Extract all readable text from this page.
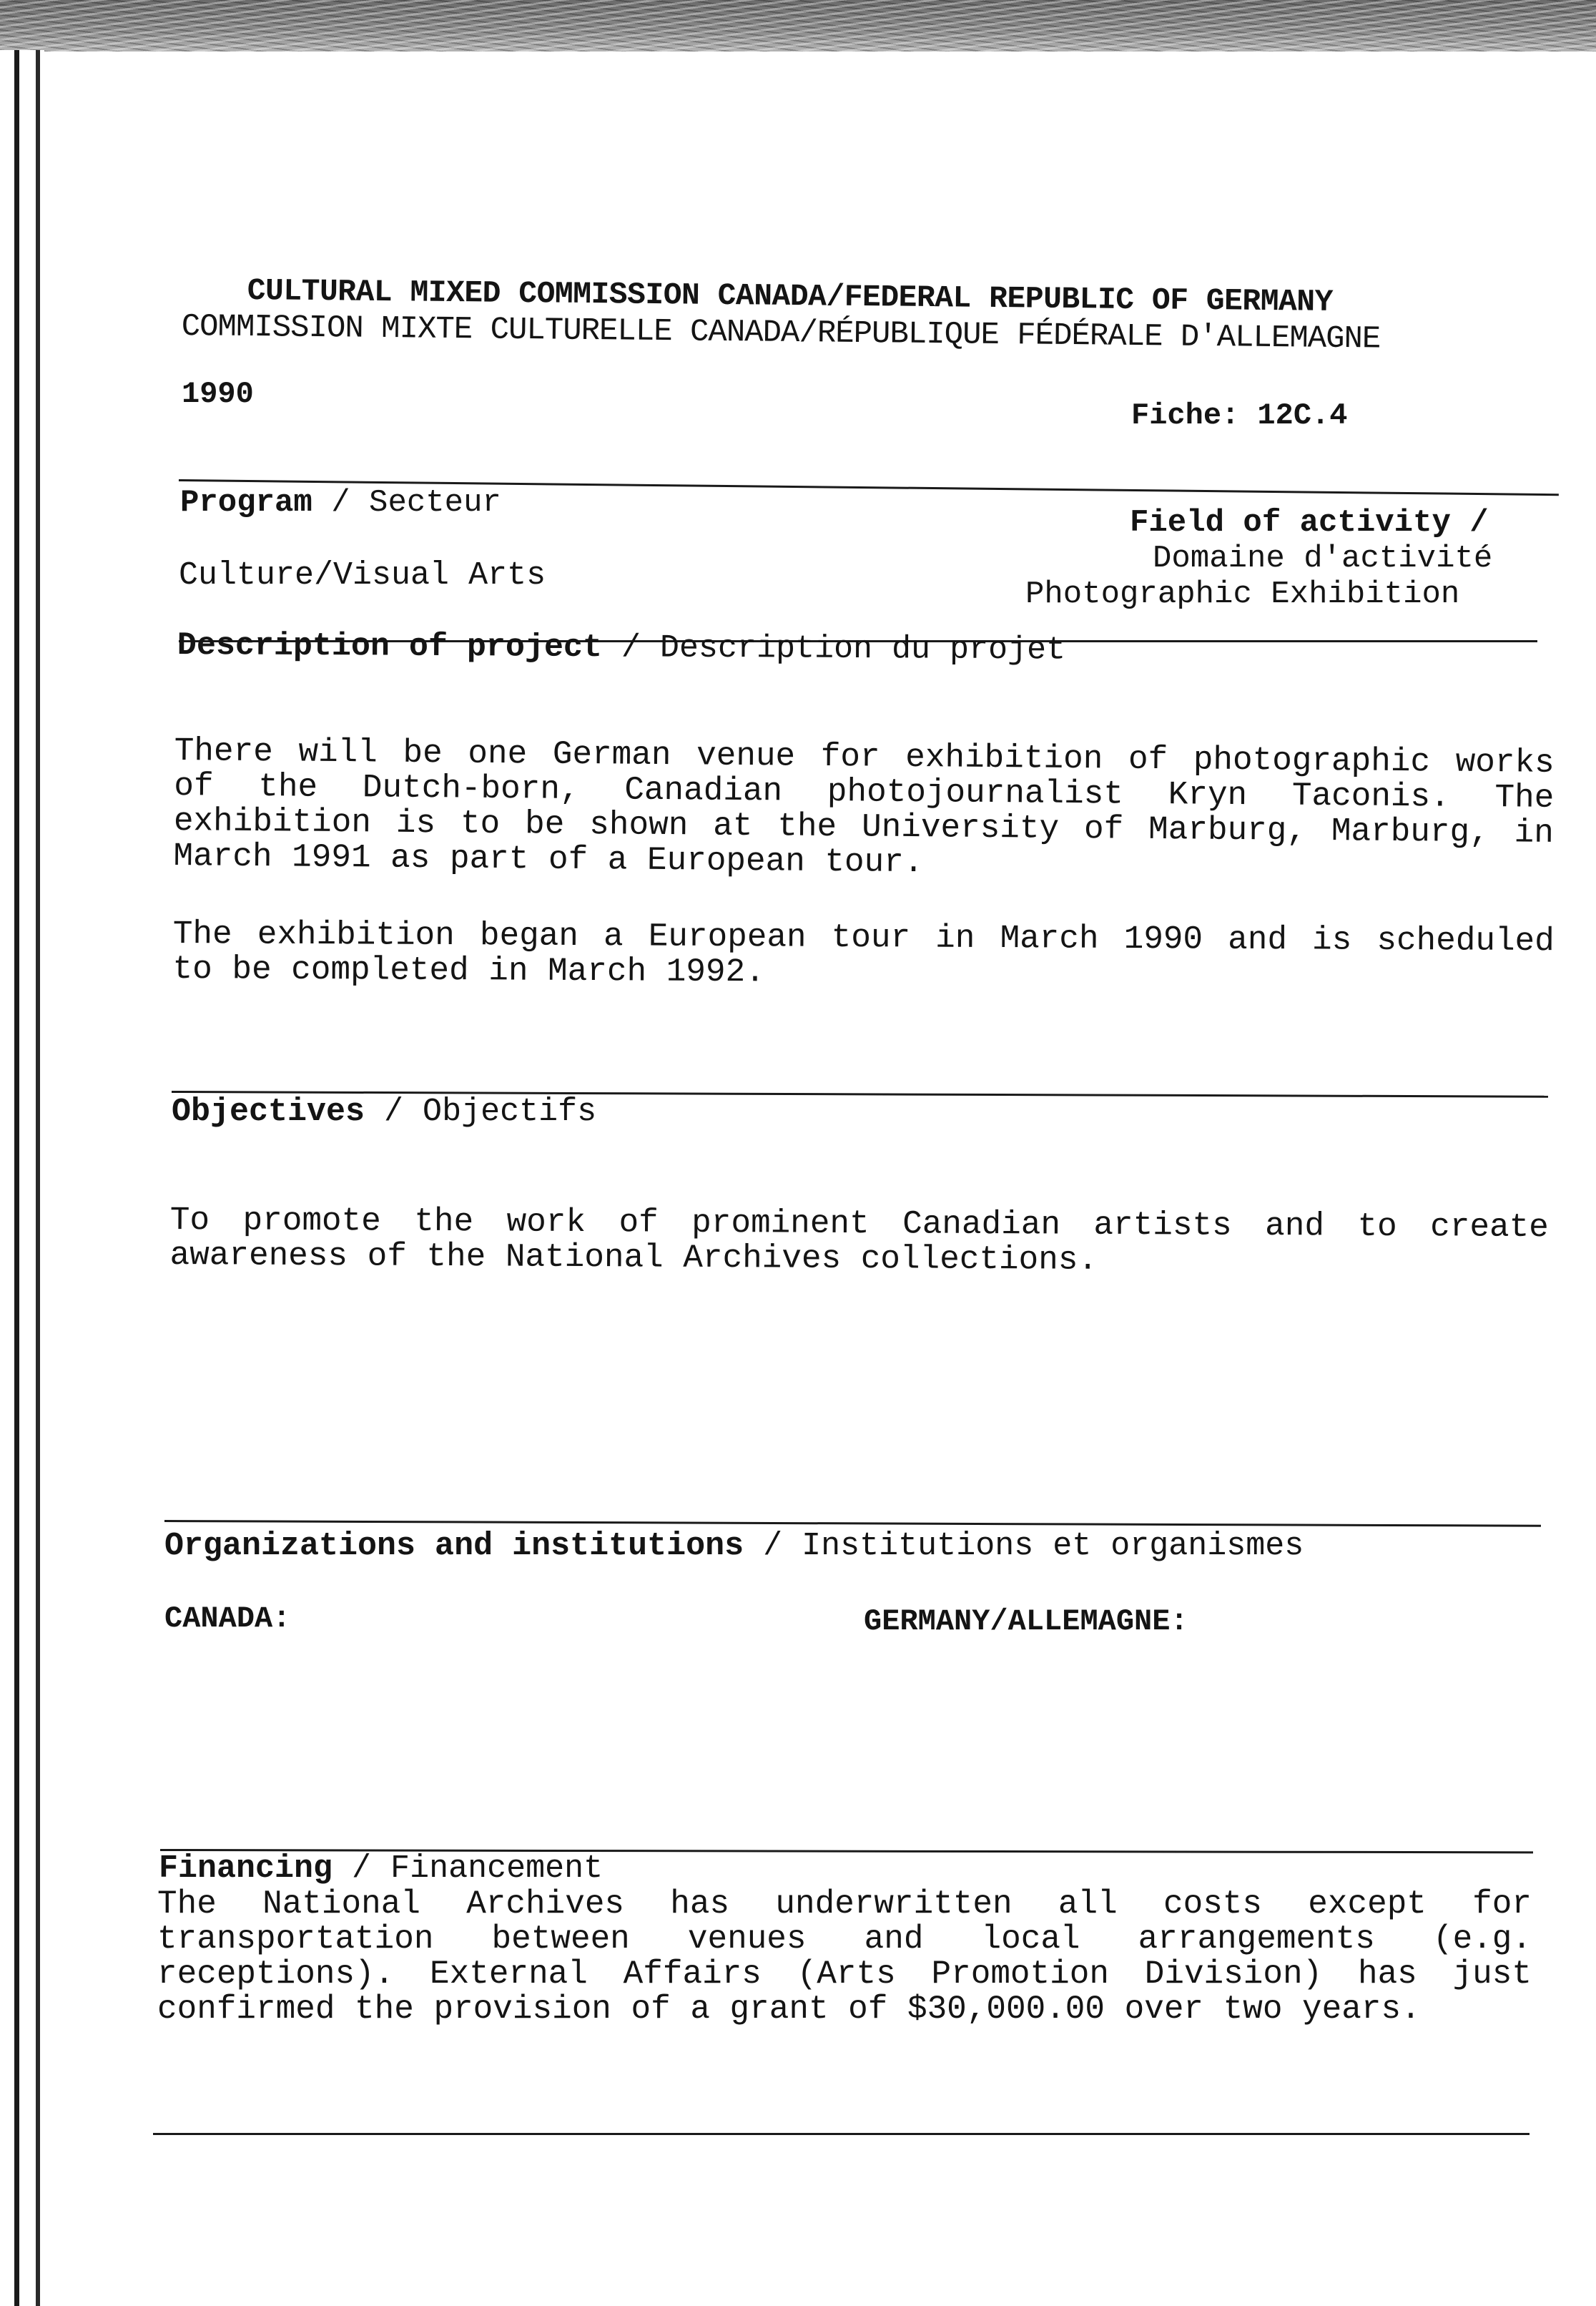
CULTURAL MIXED COMMISSION CANADA/FEDERAL REPUBLIC OF GERMANY
COMMISSION MIXTE CULTURELLE CANADA/RÉPUBLIQUE FÉDÉRALE D'ALLEMAGNE
1990
Fiche: 12C.4
Program / Secteur
Culture/Visual Arts
Field of activity /
Domaine d'activité
Photographic Exhibition
Description of project / Description du projet
There will be one German venue for exhibition of photographic works of the Dutch-born, Canadian photojournalist Kryn Taconis. The exhibition is to be shown at the University of Marburg, Marburg, in March 1991 as part of a European tour.
The exhibition began a European tour in March 1990 and is scheduled to be completed in March 1992.
Objectives / Objectifs
To promote the work of prominent Canadian artists and to create awareness of the National Archives collections.
Organizations and institutions / Institutions et organismes
CANADA:	GERMANY/ALLEMAGNE:
Financing / Financement
The National Archives has underwritten all costs except for transportation between venues and local arrangements (e.g. receptions). External Affairs (Arts Promotion Division) has just confirmed the provision of a grant of $30,000.00 over two years.
